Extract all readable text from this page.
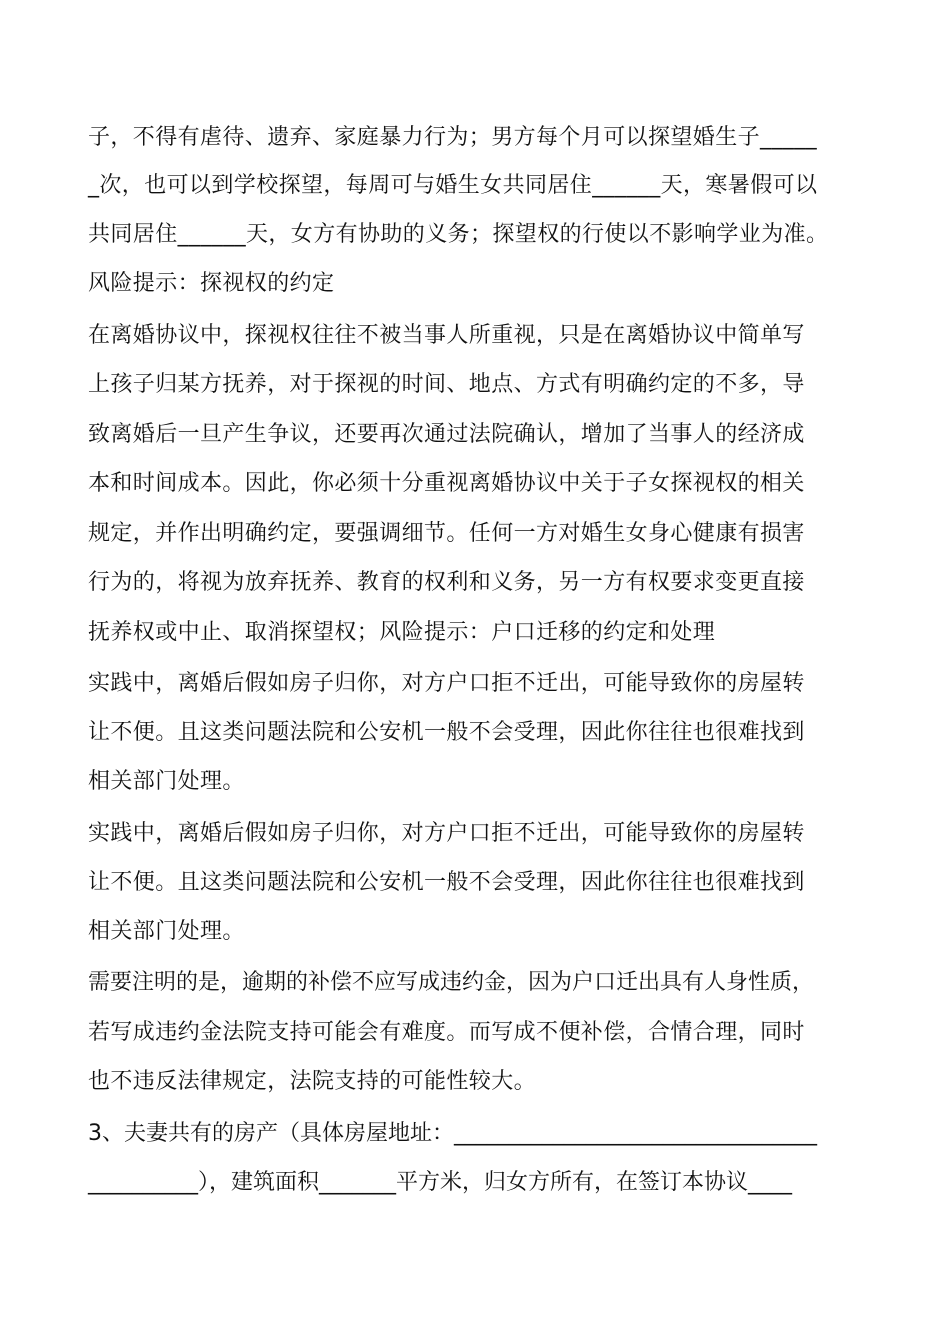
子，不得有虐待、遗弃、家庭暴力行为；男方每个月可以探望婚生子_____

_次，也可以到学校探望，每周可与婚生女共同居住______天，寒暑假可以

共同居住______天，女方有协助的义务；探望权的行使以不影响学业为准。

风险提示：探视权的约定

在离婚协议中，探视权往往不被当事人所重视，只是在离婚协议中简单写

上孩子归某方抚养，对于探视的时间、地点、方式有明确约定的不多，导

致离婚后一旦产生争议，还要再次通过法院确认，增加了当事人的经济成

本和时间成本。因此，你必须十分重视离婚协议中关于子女探视权的相关

规定，并作出明确约定，要强调细节。任何一方对婚生女身心健康有损害

行为的，将视为放弃抚养、教育的权利和义务，另一方有权要求变更直接

抚养权或中止、取消探望权；风险提示：户口迁移的约定和处理

实践中，离婚后假如房子归你，对方户口拒不迁出，可能导致你的房屋转

让不便。且这类问题法院和公安机一般不会受理，因此你往往也很难找到

相关部门处理。

实践中，离婚后假如房子归你，对方户口拒不迁出，可能导致你的房屋转

让不便。且这类问题法院和公安机一般不会受理，因此你往往也很难找到

相关部门处理。

需要注明的是，逾期的补偿不应写成违约金，因为户口迁出具有人身性质，

若写成违约金法院支持可能会有难度。而写成不便补偿，合情合理，同时

也不违反法律规定，法院支持的可能性较大。

3、夫妻共有的房产（具体房屋地址：_________________________________

__________），建筑面积_______平方米，归女方所有，在签订本协议____
